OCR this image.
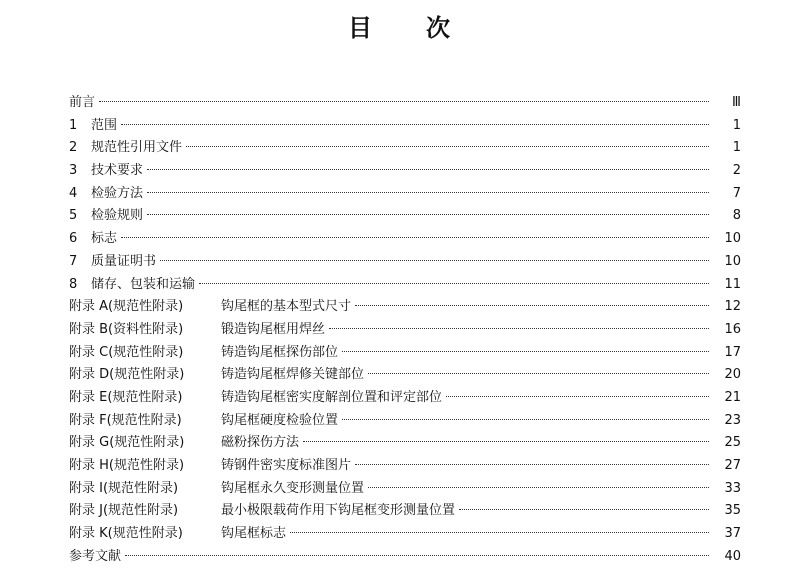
目 次
前言	Ⅲ
1	范围	1
2	规范性引用文件	1
3	技术要求	2
4	检验方法	7
5	检验规则	8
6	标志	10
7	质量证明书	10
8	储存、包装和运输	11
附录 A(规范性附录)	钩尾框的基本型式尺寸	12
附录 B(资料性附录)	锻造钩尾框用焊丝	16
附录 C(规范性附录)	铸造钩尾框探伤部位	17
附录 D(规范性附录)	铸造钩尾框焊修关键部位	20
附录 E(规范性附录)	铸造钩尾框密实度解剖位置和评定部位	21
附录 F(规范性附录)	钩尾框硬度检验位置	23
附录 G(规范性附录)	磁粉探伤方法	25
附录 H(规范性附录)	铸钢件密实度标准图片	27
附录 I(规范性附录)	钩尾框永久变形测量位置	33
附录 J(规范性附录)	最小极限载荷作用下钩尾框变形测量位置	35
附录 K(规范性附录)	钩尾框标志	37
参考文献	40
